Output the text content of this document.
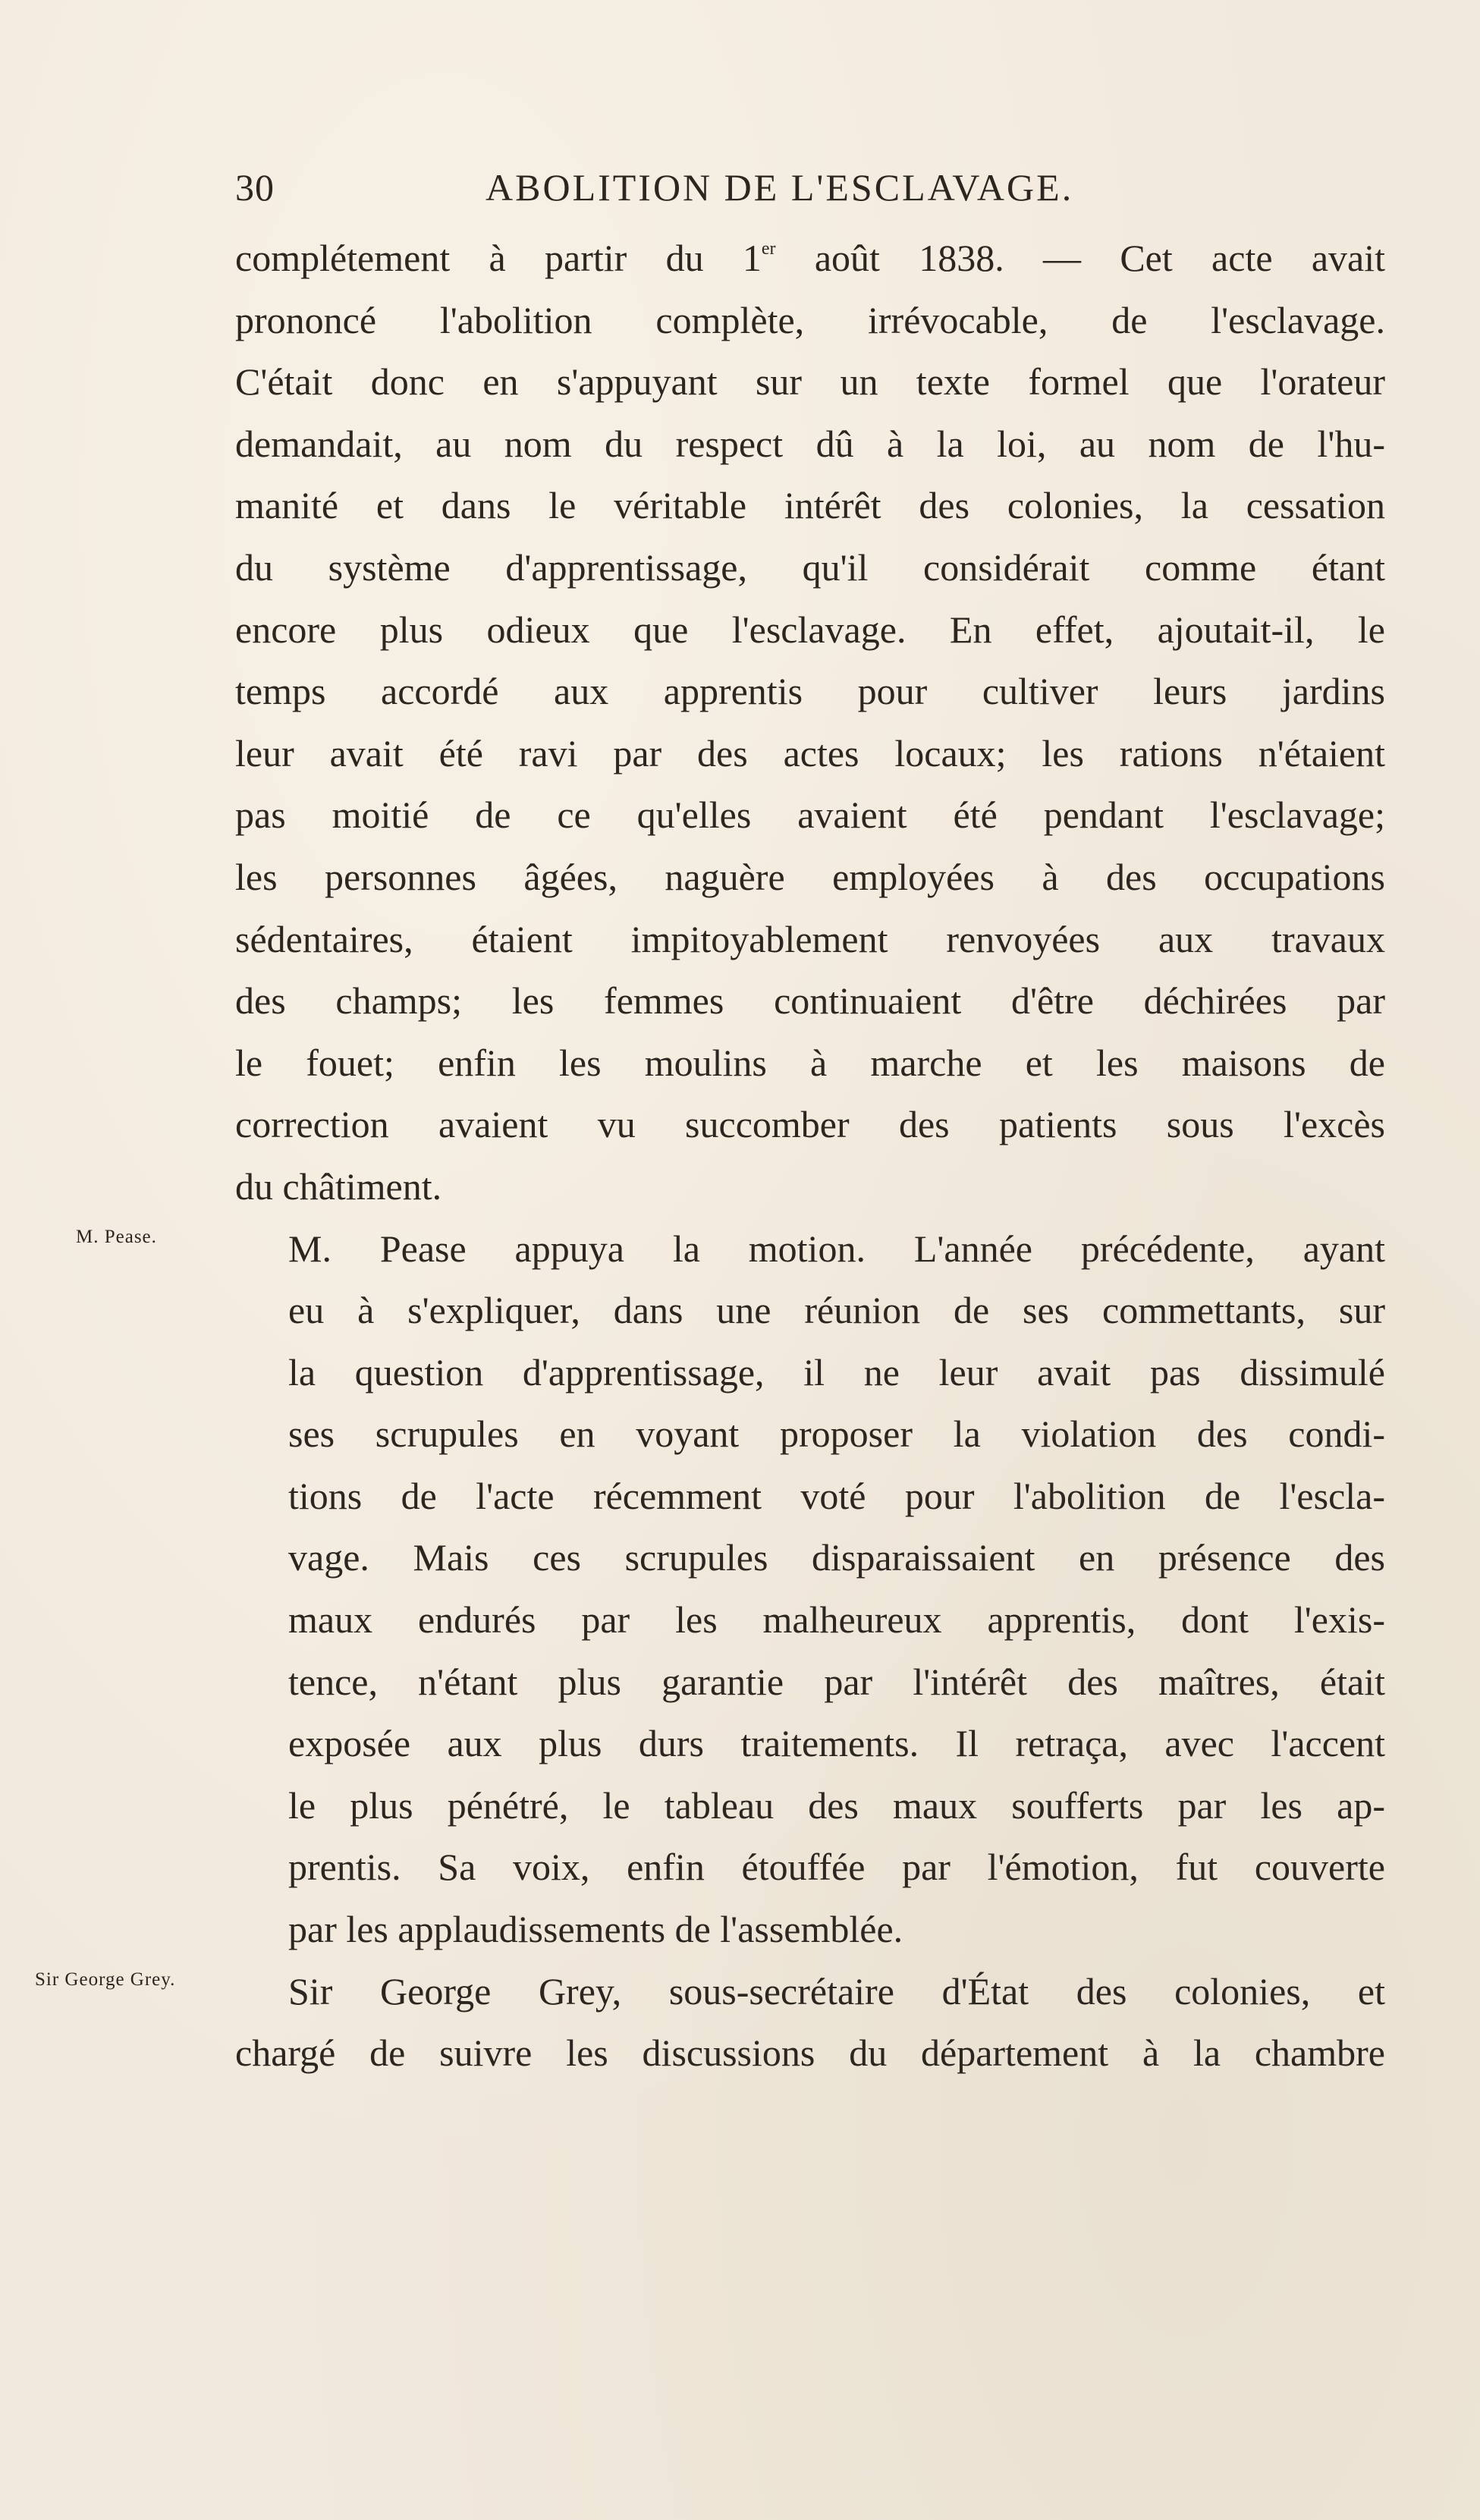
30	ABOLITION DE L'ESCLAVAGE.
M. Pease.
Sir George Grey.
complétement à partir du 1er août 1838. — Cet acte avait
prononcé l'abolition complète, irrévocable, de l'esclavage.
C'était donc en s'appuyant sur un texte formel que l'orateur
demandait, au nom du respect dû à la loi, au nom de l'hu-
manité et dans le véritable intérêt des colonies, la cessation
du système d'apprentissage, qu'il considérait comme étant
encore plus odieux que l'esclavage. En effet, ajoutait-il, le
temps accordé aux apprentis pour cultiver leurs jardins
leur avait été ravi par des actes locaux; les rations n'étaient
pas moitié de ce qu'elles avaient été pendant l'esclavage;
les personnes âgées, naguère employées à des occupations
sédentaires, étaient impitoyablement renvoyées aux travaux
des champs; les femmes continuaient d'être déchirées par
le fouet; enfin les moulins à marche et les maisons de
correction avaient vu succomber des patients sous l'excès
du châtiment.
M. Pease appuya la motion. L'année précédente, ayant
eu à s'expliquer, dans une réunion de ses commettants, sur
la question d'apprentissage, il ne leur avait pas dissimulé
ses scrupules en voyant proposer la violation des condi-
tions de l'acte récemment voté pour l'abolition de l'escla-
vage. Mais ces scrupules disparaissaient en présence des
maux endurés par les malheureux apprentis, dont l'exis-
tence, n'étant plus garantie par l'intérêt des maîtres, était
exposée aux plus durs traitements. Il retraça, avec l'accent
le plus pénétré, le tableau des maux soufferts par les ap-
prentis. Sa voix, enfin étouffée par l'émotion, fut couverte
par les applaudissements de l'assemblée.
Sir George Grey, sous-secrétaire d'État des colonies, et
chargé de suivre les discussions du département à la chambre
